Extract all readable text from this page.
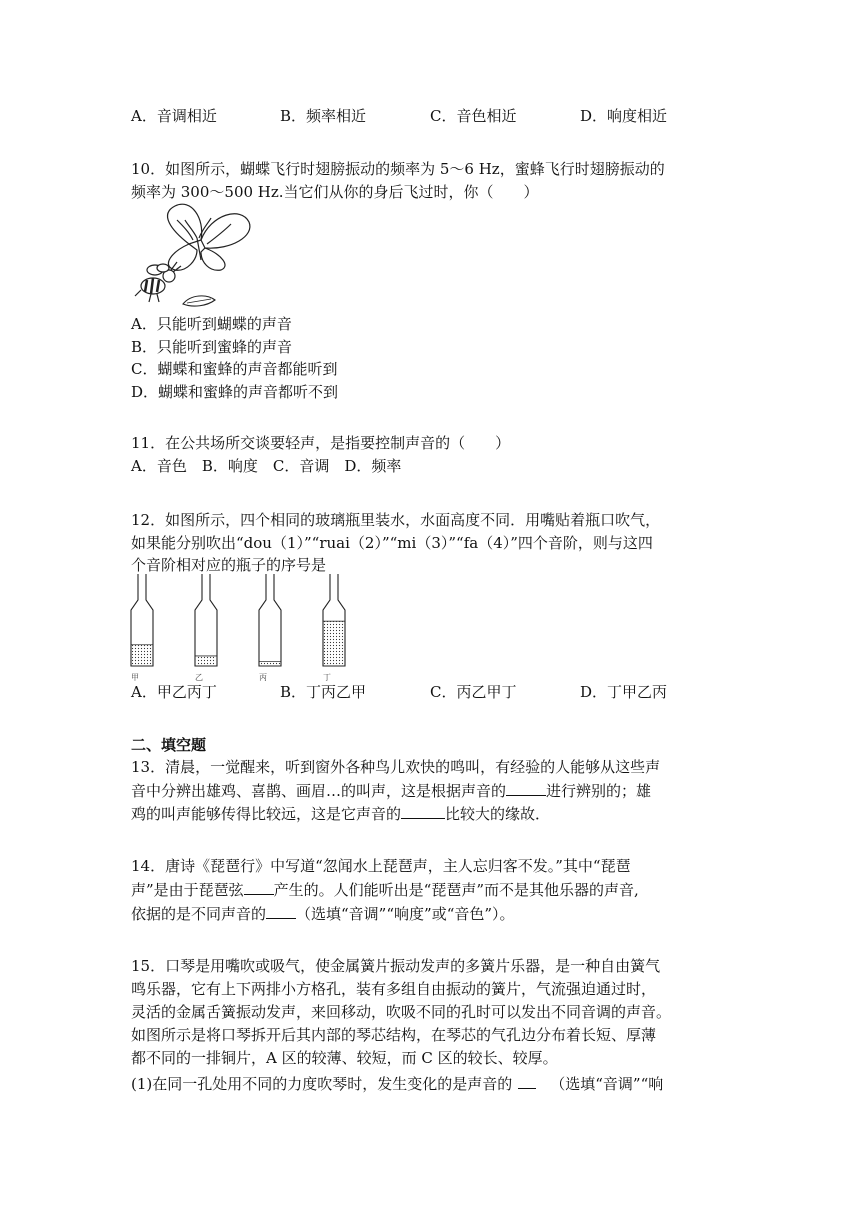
A．音调相近	B．频率相近	C．音色相近	D．响度相近
10．如图所示，蝴蝶飞行时翅膀振动的频率为 5～6 Hz，蜜蜂飞行时翅膀振动的
频率为 300～500 Hz.当它们从你的身后飞过时，你（　　）
A．只能听到蝴蝶的声音
B．只能听到蜜蜂的声音
C．蝴蝶和蜜蜂的声音都能听到
D．蝴蝶和蜜蜂的声音都听不到
11．在公共场所交谈要轻声，是指要控制声音的（　　）
A．音色　B．响度　C．音调　D．频率
12．如图所示，四个相同的玻璃瓶里装水，水面高度不同．用嘴贴着瓶口吹气，
如果能分别吹出“dou（1）”“ruai（2）”“mi（3）”“fa（4）”四个音阶，则与这四
个音阶相对应的瓶子的序号是
甲	乙	丙	丁
A．甲乙丙丁	B．丁丙乙甲	C．丙乙甲丁	D．丁甲乙丙
二、填空题
13．清晨，一觉醒来，听到窗外各种鸟儿欢快的鸣叫，有经验的人能够从这些声
音中分辨出雄鸡、喜鹊、画眉…的叫声，这是根据声音的	进行辨别的；雄
鸡的叫声能够传得比较远，这是它声音的	比较大的缘故．
14．唐诗《琵琶行》中写道“忽闻水上琵琶声，主人忘归客不发。”其中“琵琶
声”是由于琵琶弦 产生的。人们能听出是“琵琶声”而不是其他乐器的声音,
依据的是不同声音的 （选填“音调”“响度”或“音色”）。
15．口琴是用嘴吹或吸气，使金属簧片振动发声的多簧片乐器，是一种自由簧气
鸣乐器，它有上下两排小方格孔，装有多组自由振动的簧片，气流强迫通过时，
灵活的金属舌簧振动发声，来回移动，吹吸不同的孔时可以发出不同音调的声音。
如图所示是将口琴拆开后其内部的琴芯结构，在琴芯的气孔边分布着长短、厚薄
都不同的一排铜片，A 区的较薄、较短，而 C 区的较长、较厚。
(1)在同一孔处用不同的力度吹琴时，发生变化的是声音的	（选填“音调”“响
